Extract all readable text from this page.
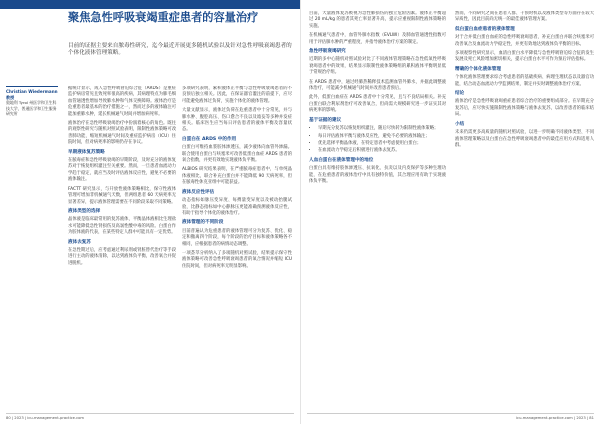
聚焦急性呼吸衰竭重症患者的容量治疗

目前的证据主要来自脓毒性研究，迄今最近开展更多随机试验以及针对急性呼吸衰竭患者的个体化液体管理策略。

Christian Wiedermann 教授
奥地利 Tyrol 州医学和卫生科技大学，普通医学和卫生服务研究所

据统计显示，成人急性呼吸窘迫综合征（ARDS）是重症监护病房常见且致死率很高的疾病，其病理特点为肺毛细血管通透性增加导致肺水肿和气体交换障碍。液体治疗是危重患者最基本的治疗措施之一，然而过多的液体输注可能加重肺水肿，延长机械通气时间并增加病死率。

液体治疗在急性呼吸衰竭治疗中扮演着核心的角色。既往的观察性研究与随机对照试验表明，限制性液体策略可改善肺功能、缩短机械通气时间及重症监护病房（ICU）住院时间，但对病死率的影响仍存在争议。

早期液体复苏策略

在脓毒症和急性呼吸衰竭的早期阶段，及时充分的液体复苏对于恢复组织灌注至关重要。然而，一旦患者血流动力学趋于稳定，就应当及时评估液体反应性，避免不必要的液体输注。

FACTT 研究显示，与开放性液体策略相比，保守性液体管理可增加非机械通气天数，但两组患者 60 天病死率无显著差异，提示液体管理需要在不同阶段采取不同策略。

液体类型的选择

晶体液是临床最常用的复苏液体，平衡晶体液相比生理盐水可能降低急性肾损伤及高氯性酸中毒的风险。白蛋白作为胶体液的代表，在某些特定人群中可能具有一定优势。

液体去复苏

在急性期过后，应考虑通过利尿剂或肾脏替代治疗等手段进行主动的液体清除，以达到液体负平衡，改善氧合并促进脱机。

多项研究表明，累积液体正平衡与急性呼吸衰竭患者的不良预后独立相关。因此，在保证器官灌注的前提下，应尽可能避免液体过负荷，实施个体化的液体管理。

大量文献显示，液体过负荷在危重患者中十分常见，并与肺水肿、腹腔高压、伤口愈合不良以及谵妄等多种并发症相关。临床医生应当每日评估患者的液体平衡及容量状态。

白蛋白在 ARDS 中的作用

白蛋白可维持血浆胶体渗透压，减少液体向血管外渗漏。联合使用白蛋白与呋塞米可改善低蛋白血症 ARDS 患者的氧合指数，并更有效地实现液体负平衡。

ALBIOS 研究结果表明，在严重脓毒症患者中，与单纯晶体液相比，联合补充白蛋白并不能降低 90 天病死率，但在脓毒性休克亚组中可能获益。

液体反应性评估

动态指标如脉压变异度、每搏量变异度以及被动抬腿试验，比静态指标如中心静脉压更能准确预测液体反应性，有助于指导个体化的液体治疗。

液体管理的不同阶段

目前普遍认为危重患者的液体管理可分为复苏、优化、稳定和撤离四个阶段，每个阶段的治疗目标和液体策略各不相同，应根据患者的病情动态调整。

一项荟萃分析纳入了多项随机对照试验，结果提示保守性液体策略可改善急性呼吸衰竭患者的氧合情况并缩短 ICU 住院时间，但对病死率无明显影响。

80 | 2023 | icu-management-practice.com

目前，大量液体复苏被视为急性肺损伤的独立危险因素。液体正平衡超过 20 mL/kg 的患者其死亡率显著升高，提示应重视限制性液体策略的实施。

在机械通气患者中，血管外肺水指数（EVLWI）及肺血管通透性指数可用于评估肺水肿的严重程度，并指导液体治疗方案的制定。

急性呼吸衰竭研究

近期的多中心随机对照试验对比了不同液体管理策略在急性低氧性呼吸衰竭患者中的效果，结果显示限制性液体策略组的累积液体平衡明显低于常规治疗组。

在 ARDS 患者中，通过经肺热稀释技术监测血管外肺水，并据此调整液体治疗，可能减少机械通气时间并改善患者预后。

此外，低蛋白血症在 ARDS 患者中十分常见，且与不良结局相关。补充白蛋白联合利尿剂治疗可改善氧合，但尚需大规模研究进一步证实其对病死率的影响。

基于证据的建议
• 早期充分复苏以恢复组织灌注，随后尽快转为限制性液体策略；
• 每日评估液体平衡与液体反应性，避免不必要的液体输注；
• 优先选择平衡晶体液，在特定患者中考虑使用白蛋白；
• 在血流动力学稳定后积极进行液体去复苏。
人血白蛋白在液体管理中的地位

白蛋白具有维持胶体渗透压、抗氧化、抗炎以及内皮保护等多种生理功能，在危重患者的液体治疗中具有独特价值，其合理应用有助于实现液体负平衡。

然而，不同研究之间在患者人群、干预时机以及液体类型等方面存在较大异质性，因此目前尚无统一的最佳液体管理方案。

低白蛋白血症患者的液体管理

对于合并低白蛋白血症的急性呼吸衰竭患者，补充白蛋白并联合呋塞米可改善氧合及血流动力学稳定性，并更有效地达到液体负平衡的目标。

多项观察性研究显示，血清白蛋白水平降低与急性呼吸窘迫综合征的发生发展及死亡风险增加密切相关，提示白蛋白水平可作为预后评估指标。

精确的个体化液体管理

个体化液体管理要求综合考虑患者的基础疾病、病理生理状态以及器官功能，结合动态血流动力学监测结果，制定并实时调整液体治疗方案。

结论

液体治疗是急性呼吸衰竭重症患者综合治疗的重要组成部分。在早期充分复苏后，应尽快实施限制性液体策略与液体去复苏，以改善患者的临床结局。

小结

未来仍需更多高质量的随机对照试验，以进一步明确不同液体类型、不同液体管理策略以及白蛋白在急性呼吸衰竭患者中的最佳应用方式和适用人群。

icu-management-practice.com | 2023 | 81
